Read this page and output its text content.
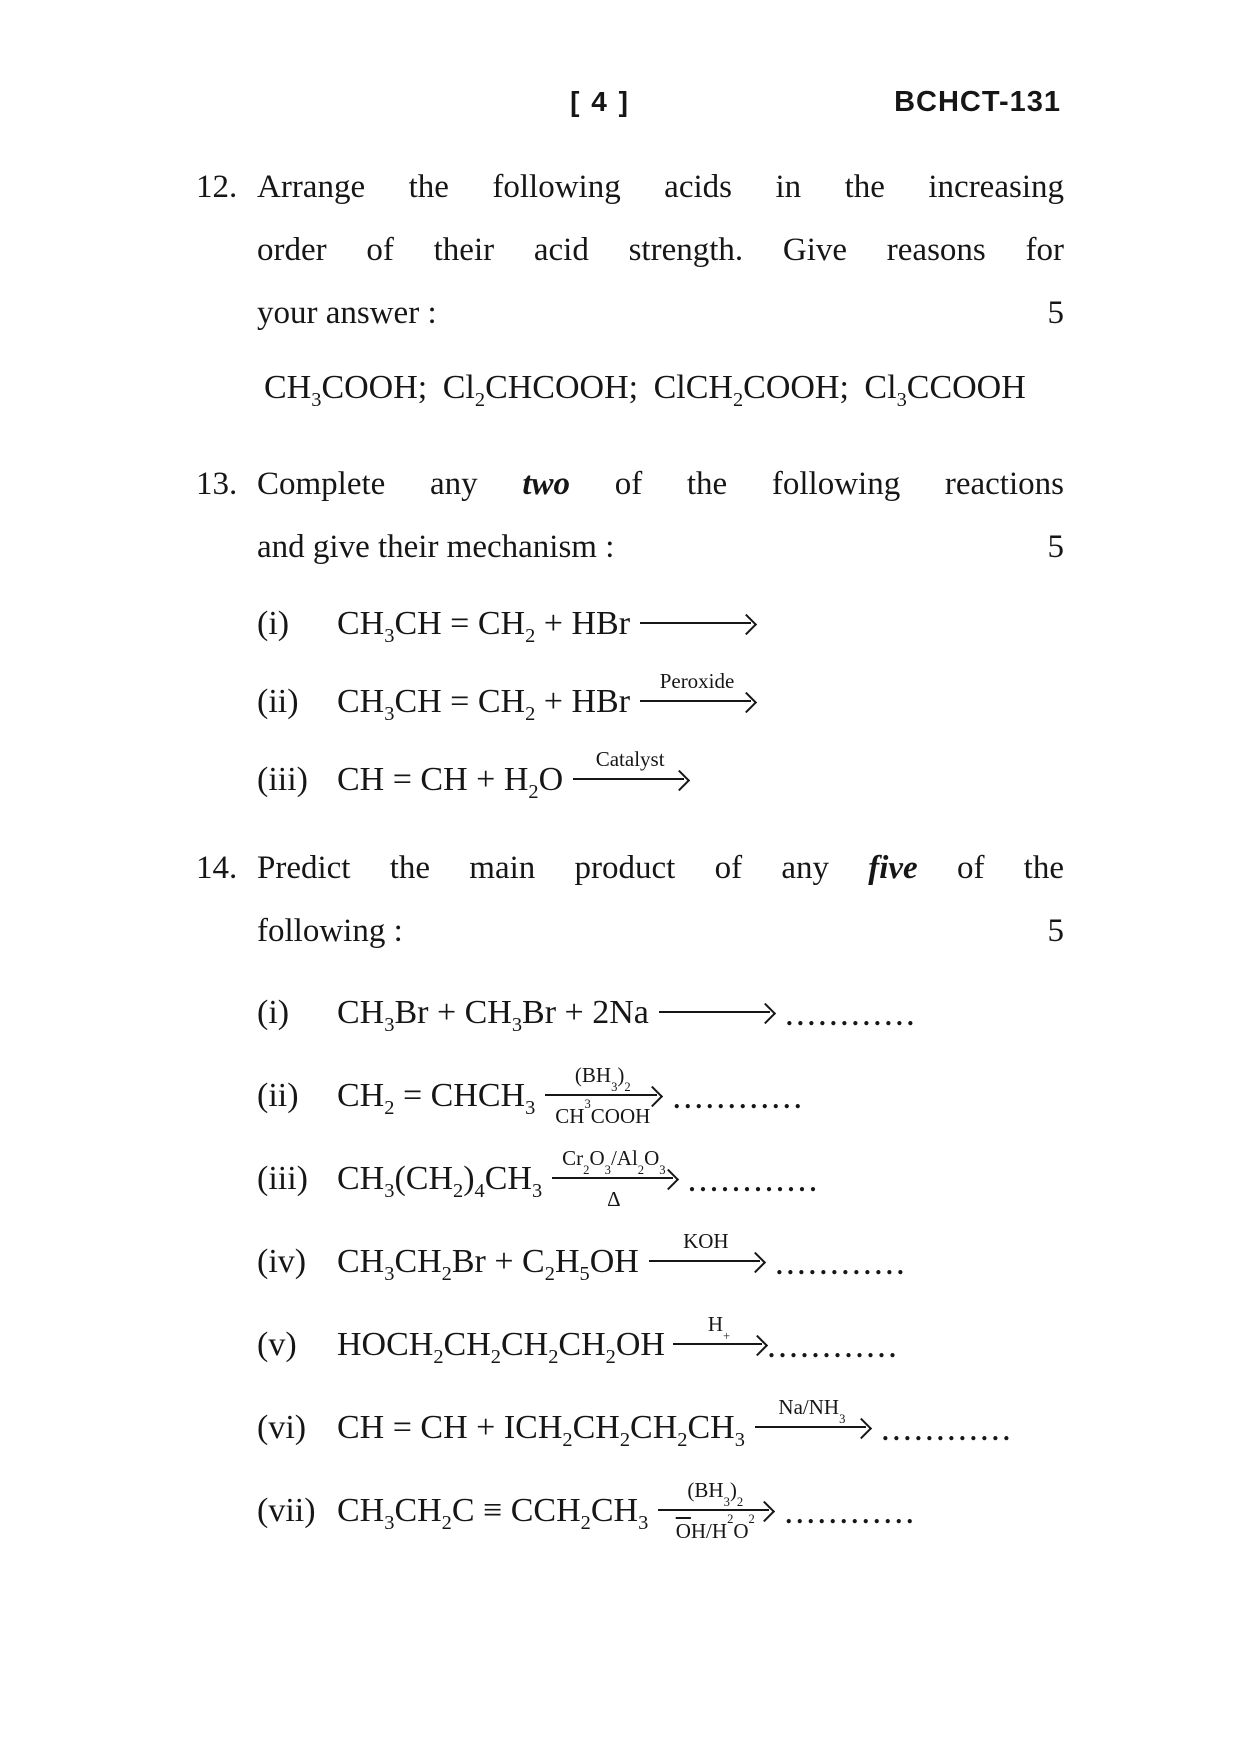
[ 4 ]	BCHCT-131
12. Arrange the following acids in the increasing
order of their acid strength. Give reasons for
your answer :	5
$CH_3COOH$; $Cl_2CHCOOH$; ClCH$_2$COOH; $Cl_3CCOOH$
13. Complete any two of the following reactions
and give their mechanism :	5
(i)	$CH_3CH = CH_2$ + HBr
(ii)	$CH_3CH = CH_2$ + HBr
Peroxide
(iii) CH = CH + $H_2O$
Catalyst
14. Predict the main product of any five of the
following :	5
(i)	$CH_3Br + CH_3Br + 2Na$	............
(ii)	$CH_2$ = $CHCH_3$
(BH
3
)
2
CH 3 COOH
............
(iii) $CH_3(CH_2)_4CH_3$
Cr
2
O
3
/Al
2
O
3
Δ
............
(iv) $CH_3CH_2Br + C_2H_5OH$
KOH
............
(v)	$HOCH_2CH_2CH_2CH_2OH$
H
+ ............
(vi) CH = CH + $ICH_2CH_2CH_2CH_3$
Na/NH
3 ............
(vii) $CH_3CH_2C \equiv CCH_2CH_3$
(BH
3
)
2
$\overline{O}$ H/H 2 O 2 ............
